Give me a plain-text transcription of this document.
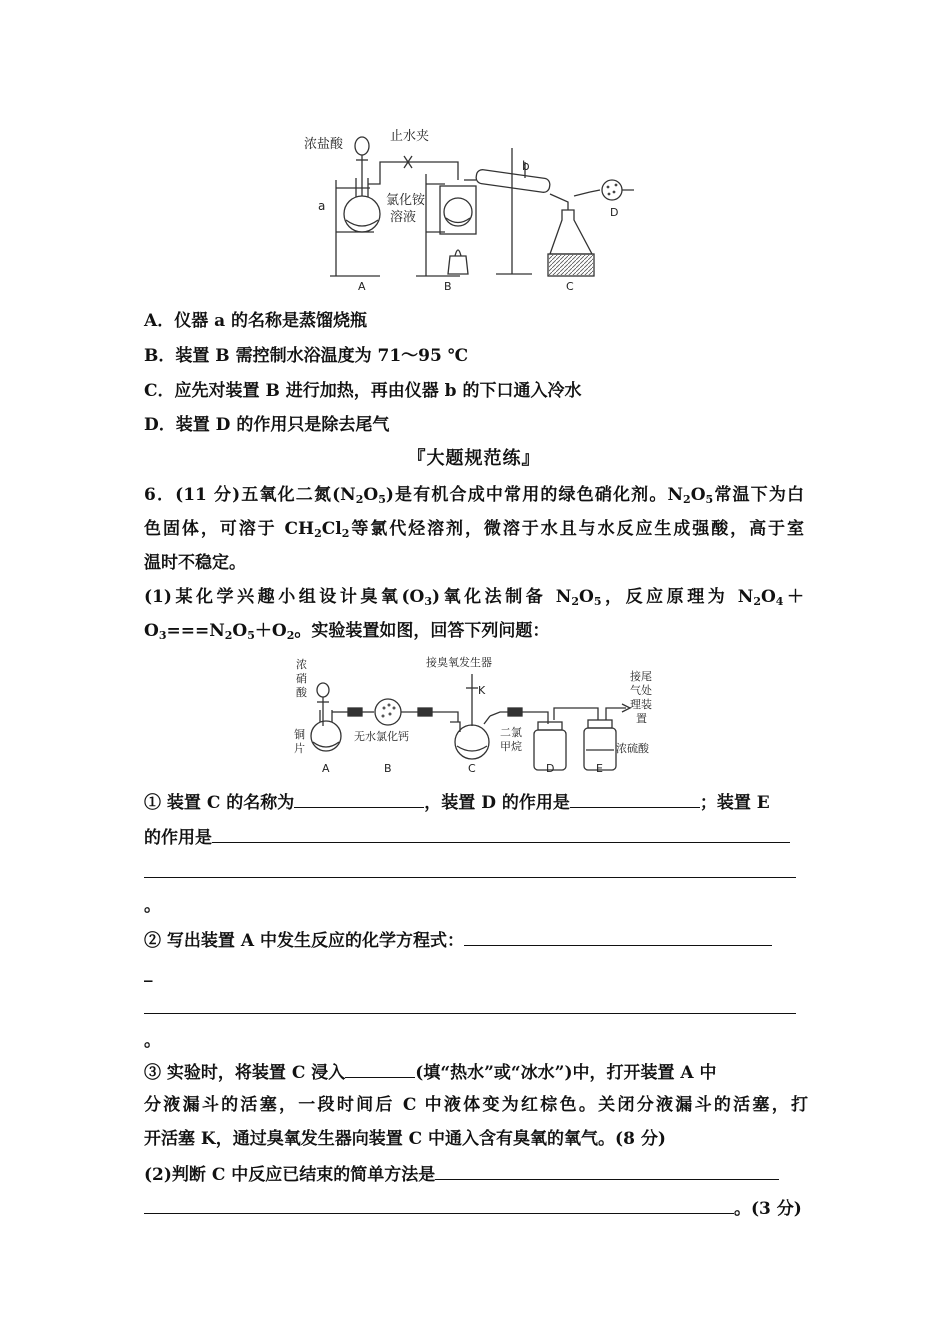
浓盐酸
止水夹
氯化铵
溶液
a
b
A	B	C
D
A．仪器 a 的名称是蒸馏烧瓶
B．装置 B 需控制水浴温度为 71～95 ℃
C．应先对装置 B 进行加热，再由仪器 b 的下口通入冷水
D．装置 D 的作用只是除去尾气
『大题规范练』
6．(11 分)五氧化二氮$(N_2O_5)$是有机合成中常用的绿色硝化剂。$N_2O_5$常温下为白
色固体，可溶于 $CH_2Cl_2$等氯代烃溶剂，微溶于水且与水反应生成强酸，高于室
温时不稳定。
(1)某化学兴趣小组设计臭氧$(O_3)$氧化法制备 $N_2O_5$，反应原理为 $N_2O_4+$
$O_3===N_2O_5+O_2$。实验装置如图，回答下列问题：
接臭氧发生器
K
浓
硝
酸
铜
片
无水氯化钙	二氯
甲烷
接尾
气处
理装
置
浓硫酸
A	B	C	D	E
① 装置 C 的名称为	，装置 D 的作用是	；装置 E
的作用是
。
② 写出装置 A 中发生反应的化学方程式：
_
。
③ 实验时，将装置 C 浸入	(填“热水”或“冰水”)中，打开装置 A 中
分液漏斗的活塞，一段时间后 C 中液体变为红棕色。关闭分液漏斗的活塞，打
开活塞 K，通过臭氧发生器向装置 C 中通入含有臭氧的氧气。(8 分)
(2)判断 C 中反应已结束的简单方法是
。(3 分)
